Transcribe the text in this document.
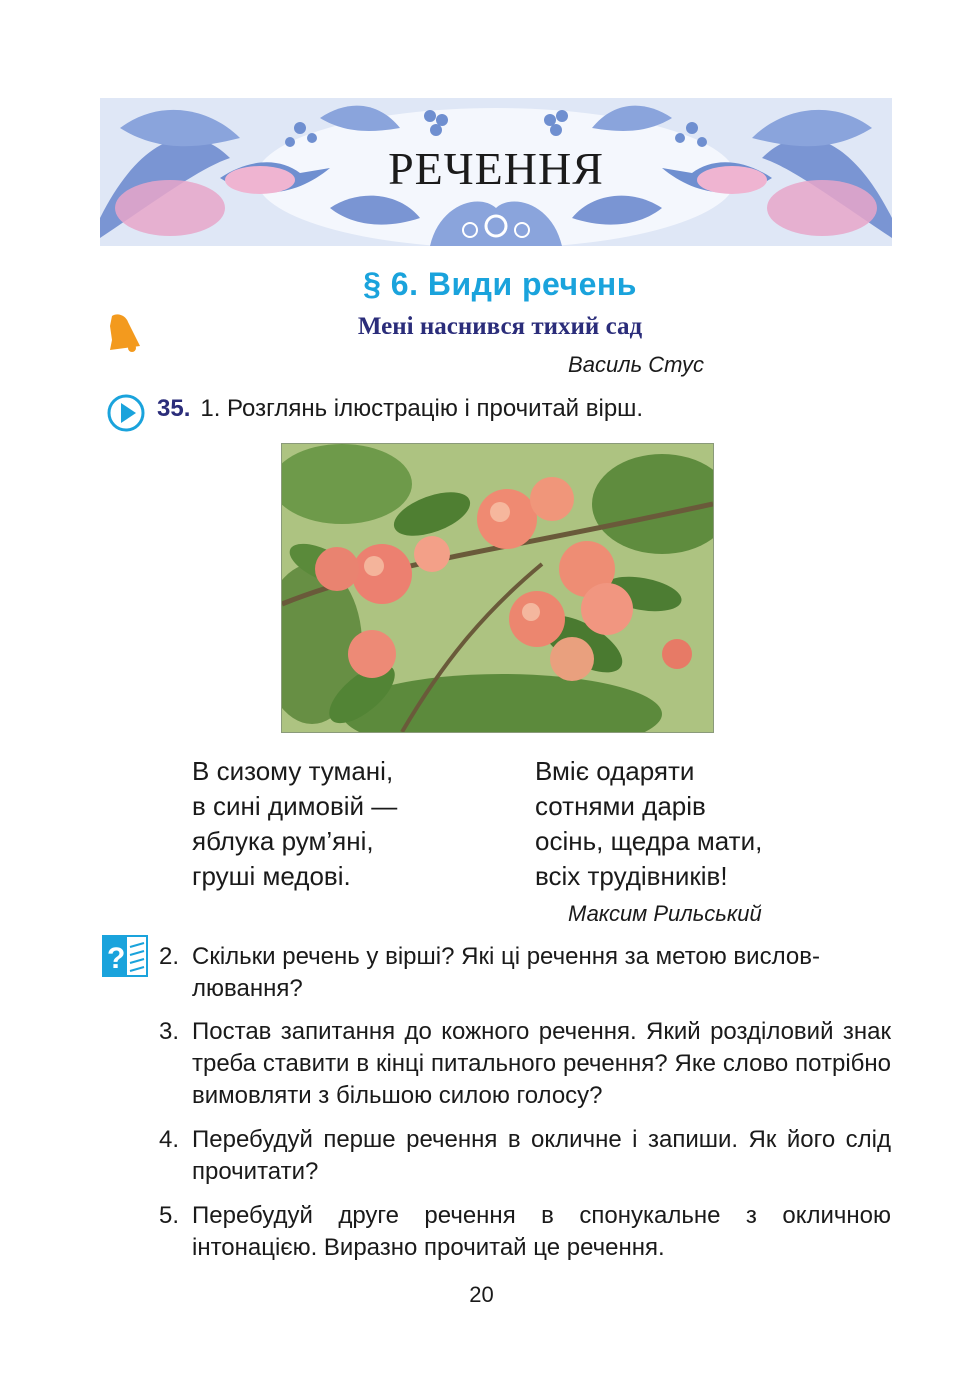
РЕЧЕННЯ
§ 6. Види речень
Мені наснився тихий сад
Василь Стус
35. 1. Розглянь ілюстрацію і прочитай вірш.
В сизому тумані,
в сині димовій —
яблука рум’яні,
груші медові.
Вміє одаряти
сотнями дарів
осінь, щедра мати,
всіх трудівників!
Максим Рильський
? 2. Скільки речень у вірші? Які ці речення за метою вислов-
лювання?
3. Постав запитання до кожного речення. Який розділовий знак треба ставити в кінці питального речення? Яке слово потрібно вимовляти з більшою силою голосу?
4. Перебудуй перше речення в окличне і запиши. Як його слід прочитати?
5. Перебудуй друге речення в спонукальне з окличною інтонацією. Виразно прочитай це речення.
20
